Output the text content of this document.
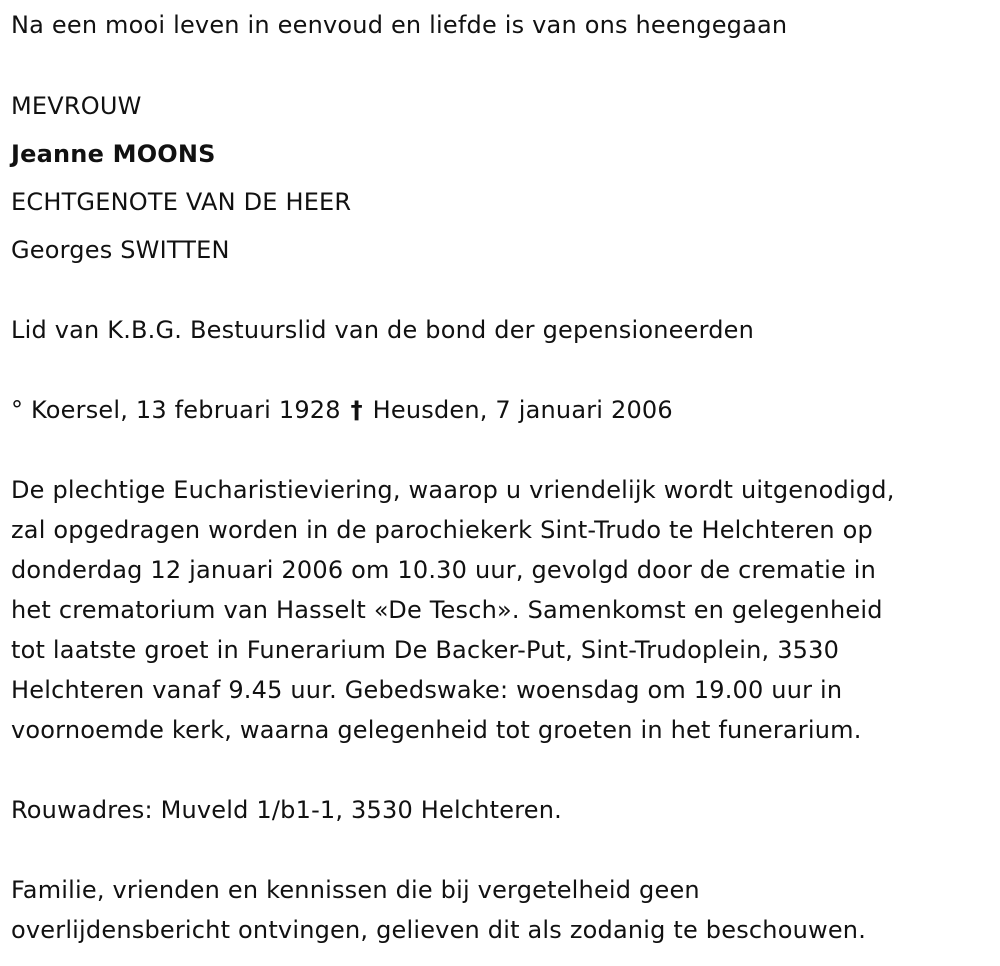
Na een mooi leven in eenvoud en liefde is van ons heengegaan
MEVROUW
Jeanne MOONS
ECHTGENOTE VAN DE HEER
Georges SWITTEN
Lid van K.B.G. Bestuurslid van de bond der gepensioneerden
° Koersel, 13 februari 1928 † Heusden, 7 januari 2006
De plechtige Eucharistieviering, waarop u vriendelijk wordt uitgenodigd,
zal opgedragen worden in de parochiekerk Sint-Trudo te Helchteren op
donderdag 12 januari 2006 om 10.30 uur, gevolgd door de crematie in
het crematorium van Hasselt «De Tesch». Samenkomst en gelegenheid
tot laatste groet in Funerarium De Backer-Put, Sint-Trudoplein, 3530
Helchteren vanaf 9.45 uur. Gebedswake: woensdag om 19.00 uur in
voornoemde kerk, waarna gelegenheid tot groeten in het funerarium.
Rouwadres: Muveld 1/b1-1, 3530 Helchteren.
Familie, vrienden en kennissen die bij vergetelheid geen
overlijdensbericht ontvingen, gelieven dit als zodanig te beschouwen.
